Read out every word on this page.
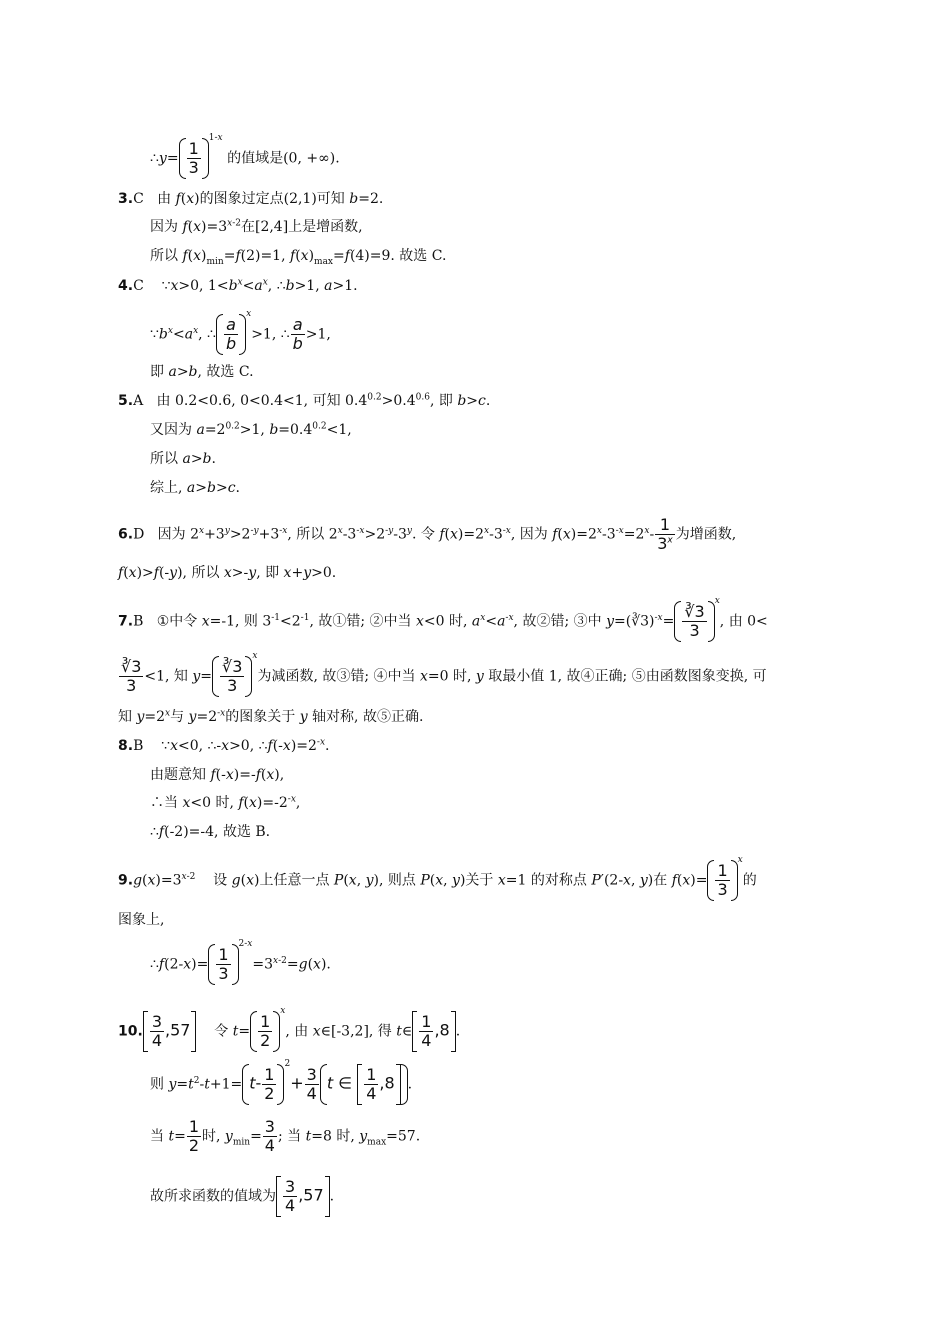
∴y= $\frac{1}{3}$
1-x 的值域是(0, +∞).
3.C   由 f(x)的图象过定点(2,1)可知 b=2.
因为 $f(x)=3^{x-2}$在[2,4]上是增函数,
所以 $f(x)_{min}=f(2)=1$, $f(x)_{max}=f(4)=9$. 故选 C.
4.C    ∵x>0, $1<b^x<a^x$, ∴b>1, a>1.
$\because b^x<a^x$, ∴ $\frac{a}{b}$
x>1, ∴ $\frac{a}{b} >1$,
即 a>b, 故选 C.
5.A   由 0.2<0.6, 0<0.4<1, 可知 $0.4^{0.2}>0.4^{0.6}$, 即 b>c.
又因为 $a=2^{0.2}>1$, $b=0.4^{0.2}<1$,
所以 a>b.
综上, a>b>c.
6.D   因为 $2^x+3^y>2^{-y}+3^{-x}$, 所以 $2^x-3^{-x}>2^{-y}-3^y$. 令 $f(x)=2^x-3^{-x}$, 因为 $f(x)=2^x-3^{-x}=2^x- \frac{1}{3^x}$ 为增函数,
f(x)>f(-y), 所以 x>-y, 即 x+y>0.
7.B   ①中令 x=-1, 则 $3^{-1}<2^{-1}$, 故①错; ②中当 x<0 时, $a^x<a^{-x}$, 故②错; ③中 y=(∛3)$^{-x}$= $\frac{∛3}{3}$
x, 由 0<
$\frac{∛3}{3} <1$, 知 $y= \frac{∛3}{3}$
x为减函数, 故③错; ④中当 x=0 时, y 取最小值 1, 故④正确; ⑤由函数图象变换, 可
知 $y=2^x$与 $y=2^{-x}$的图象关于 y 轴对称, 故⑤正确.
8.B    ∵x<0, ∴-x>0, $\therefore f(-x)=2^{-x}$.
由题意知 f(-x)=-f(x),
∴当 x<0 时, $f(x)=-2^{-x}$,
∴f(-2)=-4, 故选 B.
$9.g(x)=3^{x-2}$    设 g(x)上任意一点 P(x, y), 则点 P(x, y)关于 x=1 的对称点 P′(2-x, y)在 $f(x)= \frac{1}{3}$
x的
图象上,
∴f(2-x)= $\frac{1}{3}$
$2-x=3^{x-2}=g(x)$.
10. $\frac{3}{4} ,57$    令 $t= \frac{1}{2}$
x, 由 x∈[-3,2], 得 t∈ $\frac{1}{4} ,8$ .
则 $y=t^2-t+1= t- \frac{1}{2}$
$2+ \frac{3}{4}$ t ∈ $\frac{1}{4} ,8$ .
当 $t= \frac{1}{2}$ 时, $y_{min}= \frac{3}{4}$ ; 当 t=8 时, $y_{max}=57$.
故所求函数的值域为 $\frac{3}{4} ,57$ .
